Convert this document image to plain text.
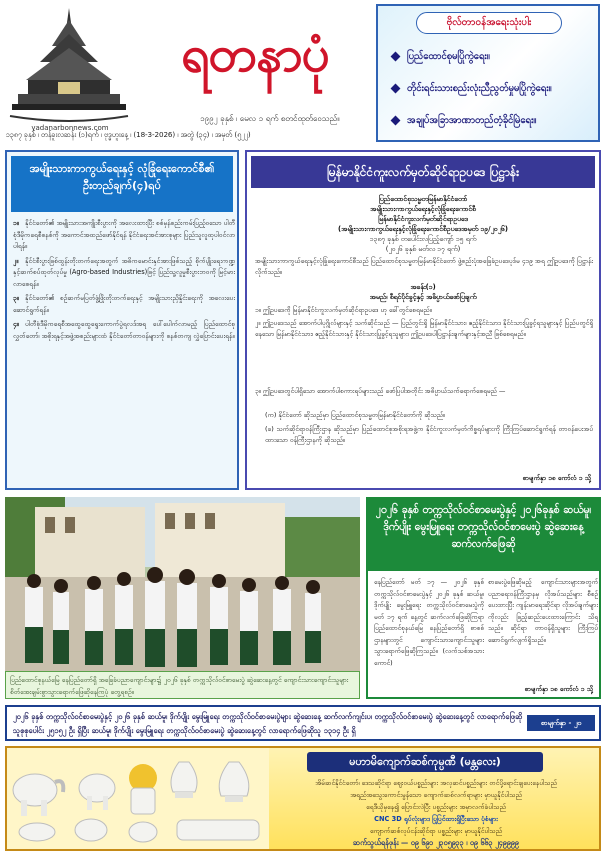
ရတနာပုံ
yadanarbonnews.com
၁၉၉၂ ခုနှစ် ၊ မေလ ၁ ရက် စတင်ထုတ်ဝေသည်။
၁၃၈၇ ခုနှစ် ၊ တန်ခူးလဆန်း (၁)ရက် ၊ ဗုဒ္ဓဟူးနေ့ ၊ (18-3-2026) ၊ အတွဲ (၃၄) ၊ အမှတ် (၅၂၂)
ဗိုလ်တာဝန်အရေးသုံးပါး
ပြည်ထောင်စုမပြိုကွဲရေး။
တိုင်းရင်းသားစည်းလုံးညီညွတ်မှုမပြိုကွဲရေး။
အချုပ်အခြာအာဏာတည်တံ့ခိုင်မြဲရေး။
အမျိုးသားကာကွယ်ရေးနှင့် လုံခြုံရေးကောင်စီ၏ ဦးတည်ချက်(၄)ရပ်

၁။ နိုင်ငံတော်၏ အမျိုးသားအကျိုးစီးပွားကို အလေးထားပြီး စစ်မှန်စည်းကမ်းပြည့်ဝသော ပါတီစုံဒီမိုကရေစီစနစ်ကို အကောင်အထည်ဖော်နိုင်ရန် နိုင်ငံရေးအင်အားစုများ ပြည်သူလူထုပါဝင်လာပါရန်။

၂။ နိုင်ငံစီးပွားဖြစ်ထွန်းတိုးတက်ရေးအတွက် အဓိကမောင်းနှင်အားဖြစ်သည့် စိုက်ပျိုးရေးကဏ္ဍနှင့်ဆက်စပ်ထုတ်လုပ်မှု (Agro-based Industries)ဖြင့် ပြည်သူ့လူမှုစီးပွားဘဝကို မြင့်မားလာစေရန်။

၃။ နိုင်ငံတော်၏ စဉ်ဆက်မပြတ်ဖွံ့ဖြိုးတိုးတက်ရေးနှင့် အမျိုးသားညှိနှိုင်းရေးကို အလေးပေးဆောင်ရွက်ရန်။

၄။ ပါတီစုံဒီမိုကရေစီအထွေထွေရွေးကောက်ပွဲရလဒ်အရ ပေါ်ပေါက်လာမည့် ပြည်ထောင်စုလွှတ်တော်၊ အစိုးရနှင့်အဖွဲ့အစည်းများထံ နိုင်ငံတော်တာဝန်များကို စနစ်တကျ လွှဲပြောင်းပေးရန်။

မြန်မာနိုင်ငံကူးလက်မှတ်ဆိုင်ရာဥပဒေ ပြဋ္ဌာန်း
ပြည်ထောင်စုသမ္မတမြန်မာနိုင်ငံတော်
အမျိုးသားကာကွယ်ရေးနှင့်လုံခြုံရေးကောင်စီ
မြန်မာနိုင်ငံကူးလက်မှတ်ဆိုင်ရာဥပဒေ
(အမျိုးသားကာကွယ်ရေးနှင့်လုံခြုံရေးကောင်စီဥပဒေအမှတ် ၁၉/၂၀၂၆)
၁၃၈၇ ခုနှစ် တပေါင်းလပြည့်ကျော် ၁၅ ရက်
(၂၀၂၆ ခုနှစ် မတ်လ ၁၇ ရက်)
အမျိုးသားကာကွယ်ရေးနှင့်လုံခြုံရေးကောင်စီသည် ပြည်ထောင်စုသမ္မတမြန်မာနိုင်ငံတော် ဖွဲ့စည်းပုံအခြေခံဥပဒေပုဒ်မ ၄၁၉ အရ ဤဥပဒေကို ပြဋ္ဌာန်းလိုက်သည်။
အခန်း(၁)
အမည်၊ စီရင်ပိုင်ခွင့်နှင့် အဓိပ္ပာယ်ဖော်ပြချက်
၁။ ဤဥပဒေကို မြန်မာနိုင်ငံကူးလက်မှတ်ဆိုင်ရာဥပဒေ ဟု ခေါ်တွင်စေရမည်။
၂။ ဤဥပဒေသည် အောက်ပါပုဂ္ဂိုလ်များနှင့် သက်ဆိုင်သည် — ပြည်တွင်းရှိ မြန်မာနိုင်ငံသား၊ ဧည့်နိုင်ငံသား၊ နိုင်ငံသားပြုခွင့်ရသူများနှင့် ပြည်ပတွင်ရှိနေသော မြန်မာနိုင်ငံသား၊ ဧည့်နိုင်ငံသားနှင့် နိုင်ငံသားပြုခွင့်ရသူများ၊ ဤဥပဒေပါပြဋ္ဌာန်းချက်များနှင့်အညီ ဖြစ်စေရမည်။
၃။ ဤဥပဒေတွင်ပါရှိသော အောက်ပါစကားရပ်များသည် ဖော်ပြပါအတိုင်း အဓိပ္ပာယ်သက်ရောက်စေရမည် —
(က) နိုင်ငံတော် ဆိုသည်မှာ ပြည်ထောင်စုသမ္မတမြန်မာနိုင်ငံတော်ကို ဆိုသည်။
(ခ) သက်ဆိုင်ရာဝန်ကြီးဌာန ဆိုသည်မှာ ပြည်ထောင်စုအစိုးရအဖွဲ့က နိုင်ငံကူးလက်မှတ်ကိစ္စရပ်များကို ကြီးကြပ်ဆောင်ရွက်ရန် တာဝန်ပေးအပ်ထားသော ဝန်ကြီးဌာနကို ဆိုသည်။
စာမျက်နှာ ၁၈ ကော်လံ ၁ သို့
ပြည်ထောင်စုနယ်မြေ နေပြည်တော်ရှိ အခြေခံပညာကျောင်းများ၌ ၂၀၂၆ ခုနှစ် တက္ကသိုလ်ဝင်စာမေးပွဲ ဆွဲဆေးနေ့တွင် ကျောင်းသားကျောင်းသူများ စိတ်အေးချမ်းစွာသွားရောက်ဖြေဆိုနေကြပုံ တွေ့ရစဉ်။
၂၀၂၆ ခုနှစ် တက္ကသိုလ်ဝင်စာမေးပွဲနှင့် ၂၀၂၆ခုနှစ် ဆယ်မူ၊ ဒိုက်ပျိုး မွေးမြူရေး တက္ကသိုလ်ဝင်စာမေးပွဲ ဆွဲဆေးနေ့ ဆက်လက်ဖြေဆို
နေပြည်တော် မတ် ၁၇ — ၂၀၂၆ ခုနှစ် တက္ကသိုလ်ဝင်စာမေးပွဲနှင့် ၂၀၂၆ ခုနှစ် ဆယ်မူ၊ ဒိုက်ပျိုး မွေးမြူရေး တက္ကသိုလ်ဝင်စာမေးပွဲကို မတ် ၁၇ ရက် နေ့တွင် ဆက်လက်ဖြေဆိုကြရာ ပြည်ထောင်စုနယ်မြေ နေပြည်တော်ရှိ စာစစ်ဌာနများတွင် ကျောင်းသားကျောင်းသူများ သွားရောက်ဖြေဆိုကြသည်။ (လက်သစ်အသားကောင်)
စာမေးပွဲဖြေဆိုမည့် ကျောင်းသားများအတွက် ပညာရေးဝန်ကြီးဌာနမှ လိုအပ်သည်များ စီစဉ်ပေးထားပြီး ကျန်းမာရေးဆိုင်ရာ လိုအပ်ချက်များကိုလည်း ဖြည့်ဆည်းပေးထားကြောင်း သိရသည်။ ဆိုင်ရာ တာဝန်ရှိသူများ ကြီးကြပ်ဆောင်ရွက်လျက်ရှိသည်။
စာမျက်နှာ ၁၈ ကော်လံ ၁ သို့
၂၀၂၆ ခုနှစ် တက္ကသိုလ်ဝင်စာမေးပွဲနှင့် ၂၀၂၆ ခုနှစ် ဆယ်မူ၊ ဒိုက်ပျိုး မွေးမြူရေး တက္ကသိုလ်ဝင်စာမေးပွဲများ ဆွဲဆေးနေ့ ဆက်လက်ကျင်းပ၊ တက္ကသိုလ်ဝင်စာမေးပွဲ ဆွဲဆေးနေ့တွင် လာရောက်ဖြေဆိုသူစုစုပေါင်း ၂၅၁၅၂ ဦး ရှိပြီး ဆယ်မူ၊ ဒိုက်ပျိုး မွေးမြူရေး တက္ကသိုလ်ဝင်စာမေးပွဲ ဆွဲဆေးနေ့တွင် လာရောက်ဖြေဆိုသူ ၁၃၁၄ ဦး ရှိ
စာမျက်နှာ - ၂၀
မဟာမိကျောက်ဆစ်ကုမ္ပဏီ (မန္တလေး)
အိမ်ဆင်နိုင်ငံတော်၊ ဒေသဆိုင်ရာ ဈေးဝယ်ပစ္စည်းများ အလှဆင်ပစ္စည်းများ တင်ပို့ရောင်းချပေးနေပါသည်
အရည်အသွေးကောင်းမွန်သော ကျောက်ဆစ်လက်ရာများ မှာယူနိုင်ပါသည်
ရေဒီယိုမှနေ၍ ပြောင်းလဲပြီး ပစ္စည်းများ အမှာလက်ခံပါသည်
CNC 3D ရုပ်လုံးများ၊ ပြုပြင်ထားရှိပြီးသော ပုံစံများ
ကျောက်ဆစ်လုပ်ငန်းဆိုင်ရာ ပစ္စည်းများ မှာယူနိုင်ပါသည်
ဆက်သွယ်ရန်ဖုန်း — ၀၉ ၆၉၁ ၂၃၀၅၉၃၃ ၊ ၀၉ ၆၆၃ ၂၄၉၉၉၉
